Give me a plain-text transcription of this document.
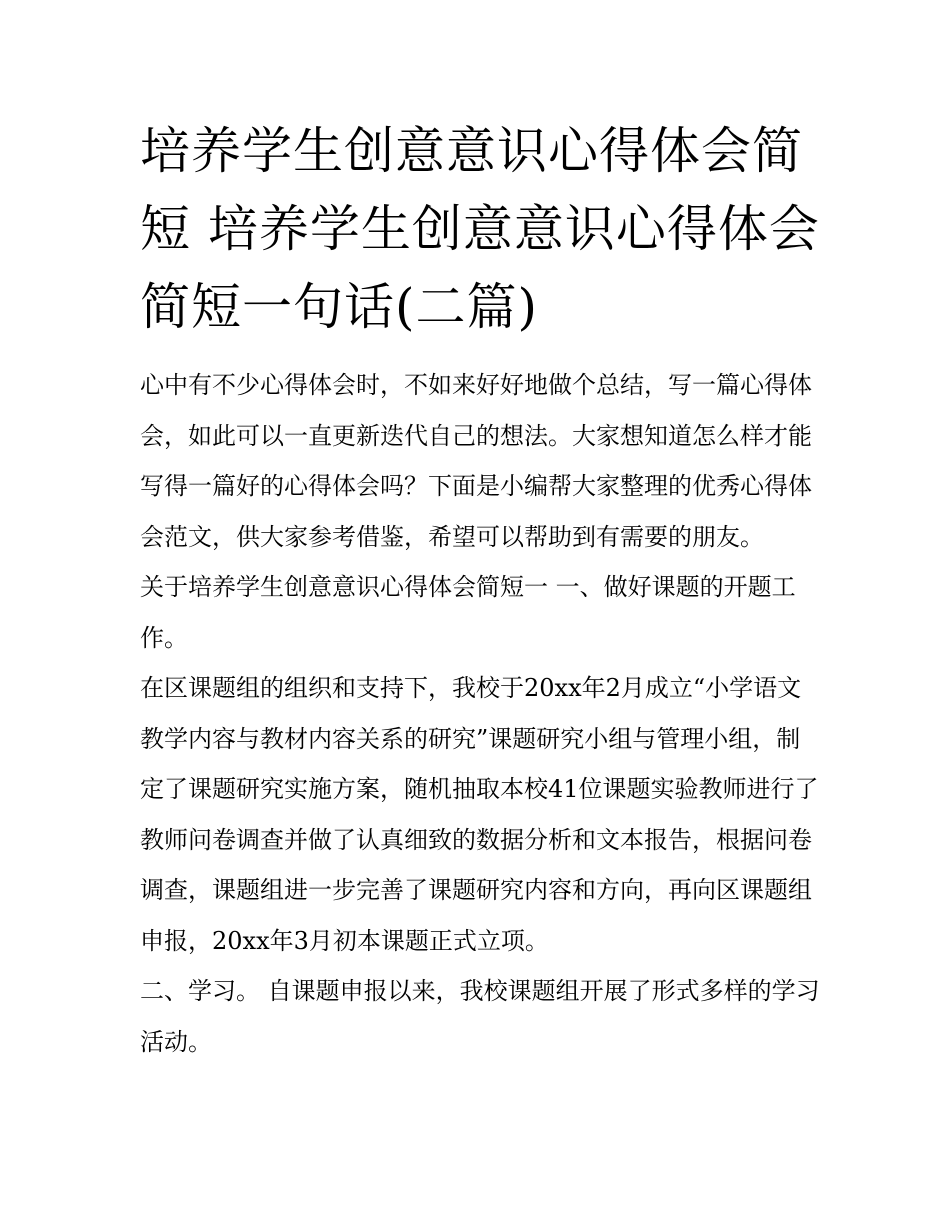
培养学生创意意识心得体会简短 培养学生创意意识心得体会简短一句话(二篇)

心中有不少心得体会时，不如来好好地做个总结，写一篇心得体会，如此可以一直更新迭代自己的想法。大家想知道怎么样才能写得一篇好的心得体会吗？下面是小编帮大家整理的优秀心得体会范文，供大家参考借鉴，希望可以帮助到有需要的朋友。

关于培养学生创意意识心得体会简短一 一、做好课题的开题工作。

在区课题组的组织和支持下，我校于20xx年2月成立“小学语文教学内容与教材内容关系的研究”课题研究小组与管理小组，制定了课题研究实施方案，随机抽取本校41位课题实验教师进行了教师问卷调查并做了认真细致的数据分析和文本报告，根据问卷调查，课题组进一步完善了课题研究内容和方向，再向区课题组申报，20xx年3月初本课题正式立项。

二、学习。 自课题申报以来，我校课题组开展了形式多样的学习活动。
